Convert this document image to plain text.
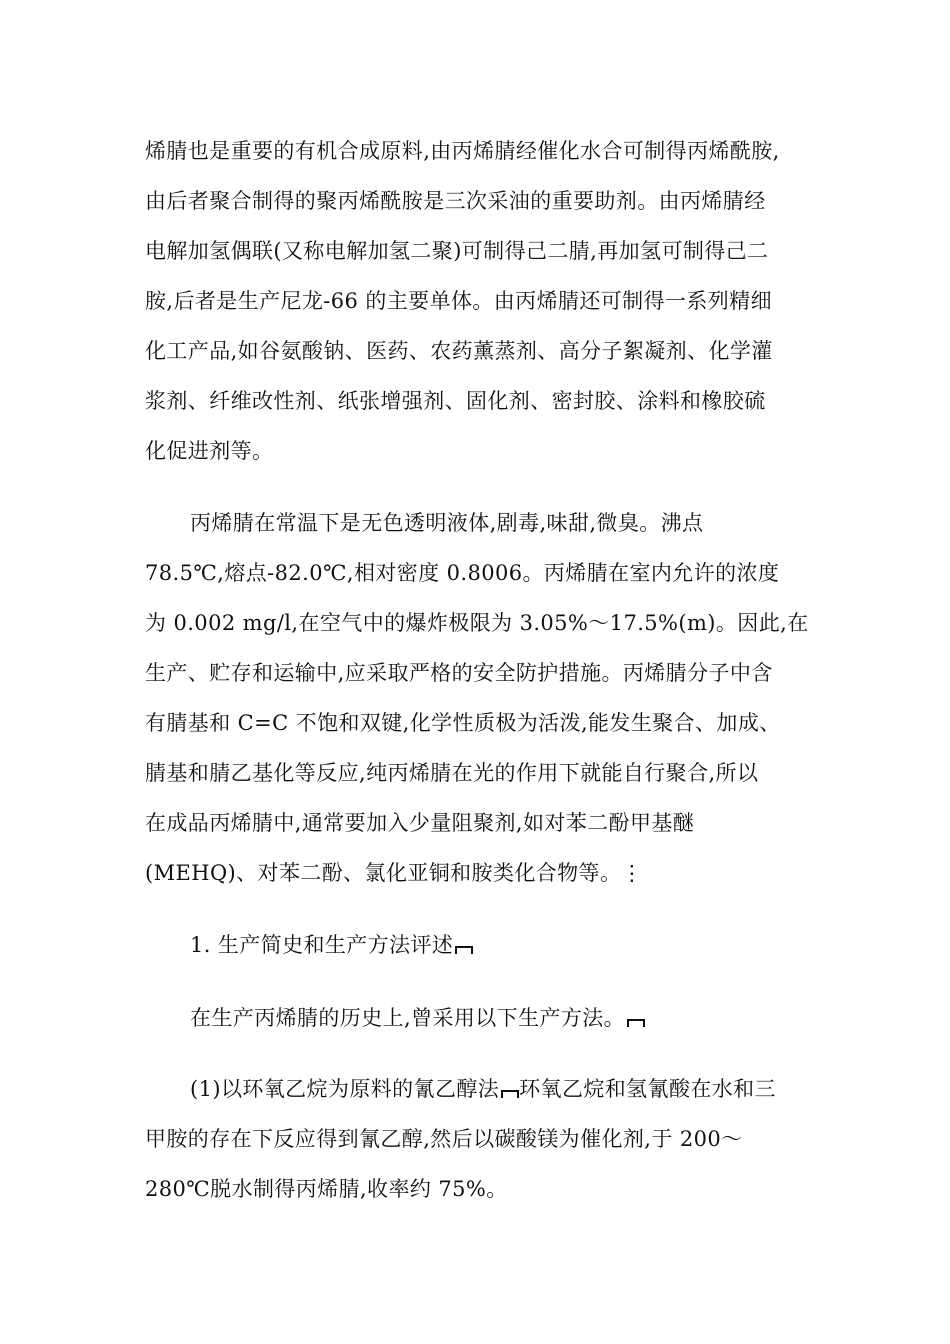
烯腈也是重要的有机合成原料,由丙烯腈经催化水合可制得丙烯酰胺,
由后者聚合制得的聚丙烯酰胺是三次采油的重要助剂。由丙烯腈经
电解加氢偶联(又称电解加氢二聚)可制得己二腈,再加氢可制得己二
胺,后者是生产尼龙-66 的主要单体。由丙烯腈还可制得一系列精细
化工产品,如谷氨酸钠、医药、农药薰蒸剂、高分子絮凝剂、化学灌
浆剂、纤维改性剂、纸张增强剂、固化剂、密封胶、涂料和橡胶硫
化促进剂等。
丙烯腈在常温下是无色透明液体,剧毒,味甜,微臭。沸点
78.5℃,熔点-82.0℃,相对密度 0.8006。丙烯腈在室内允许的浓度
为 0.002 mg/l,在空气中的爆炸极限为 3.05%～17.5%(m)。因此,在
生产、贮存和运输中,应采取严格的安全防护措施。丙烯腈分子中含
有腈基和 C=C 不饱和双键,化学性质极为活泼,能发生聚合、加成、
腈基和腈乙基化等反应,纯丙烯腈在光的作用下就能自行聚合,所以
在成品丙烯腈中,通常要加入少量阻聚剂,如对苯二酚甲基醚
(MEHQ)、对苯二酚、氯化亚铜和胺类化合物等。⋮
1. 生产简史和生产方法评述
在生产丙烯腈的历史上,曾采用以下生产方法。
(1)以环氧乙烷为原料的氰乙醇法 环氧乙烷和氢氰酸在水和三
甲胺的存在下反应得到氰乙醇,然后以碳酸镁为催化剂,于 200～
280℃脱水制得丙烯腈,收率约 75%。
